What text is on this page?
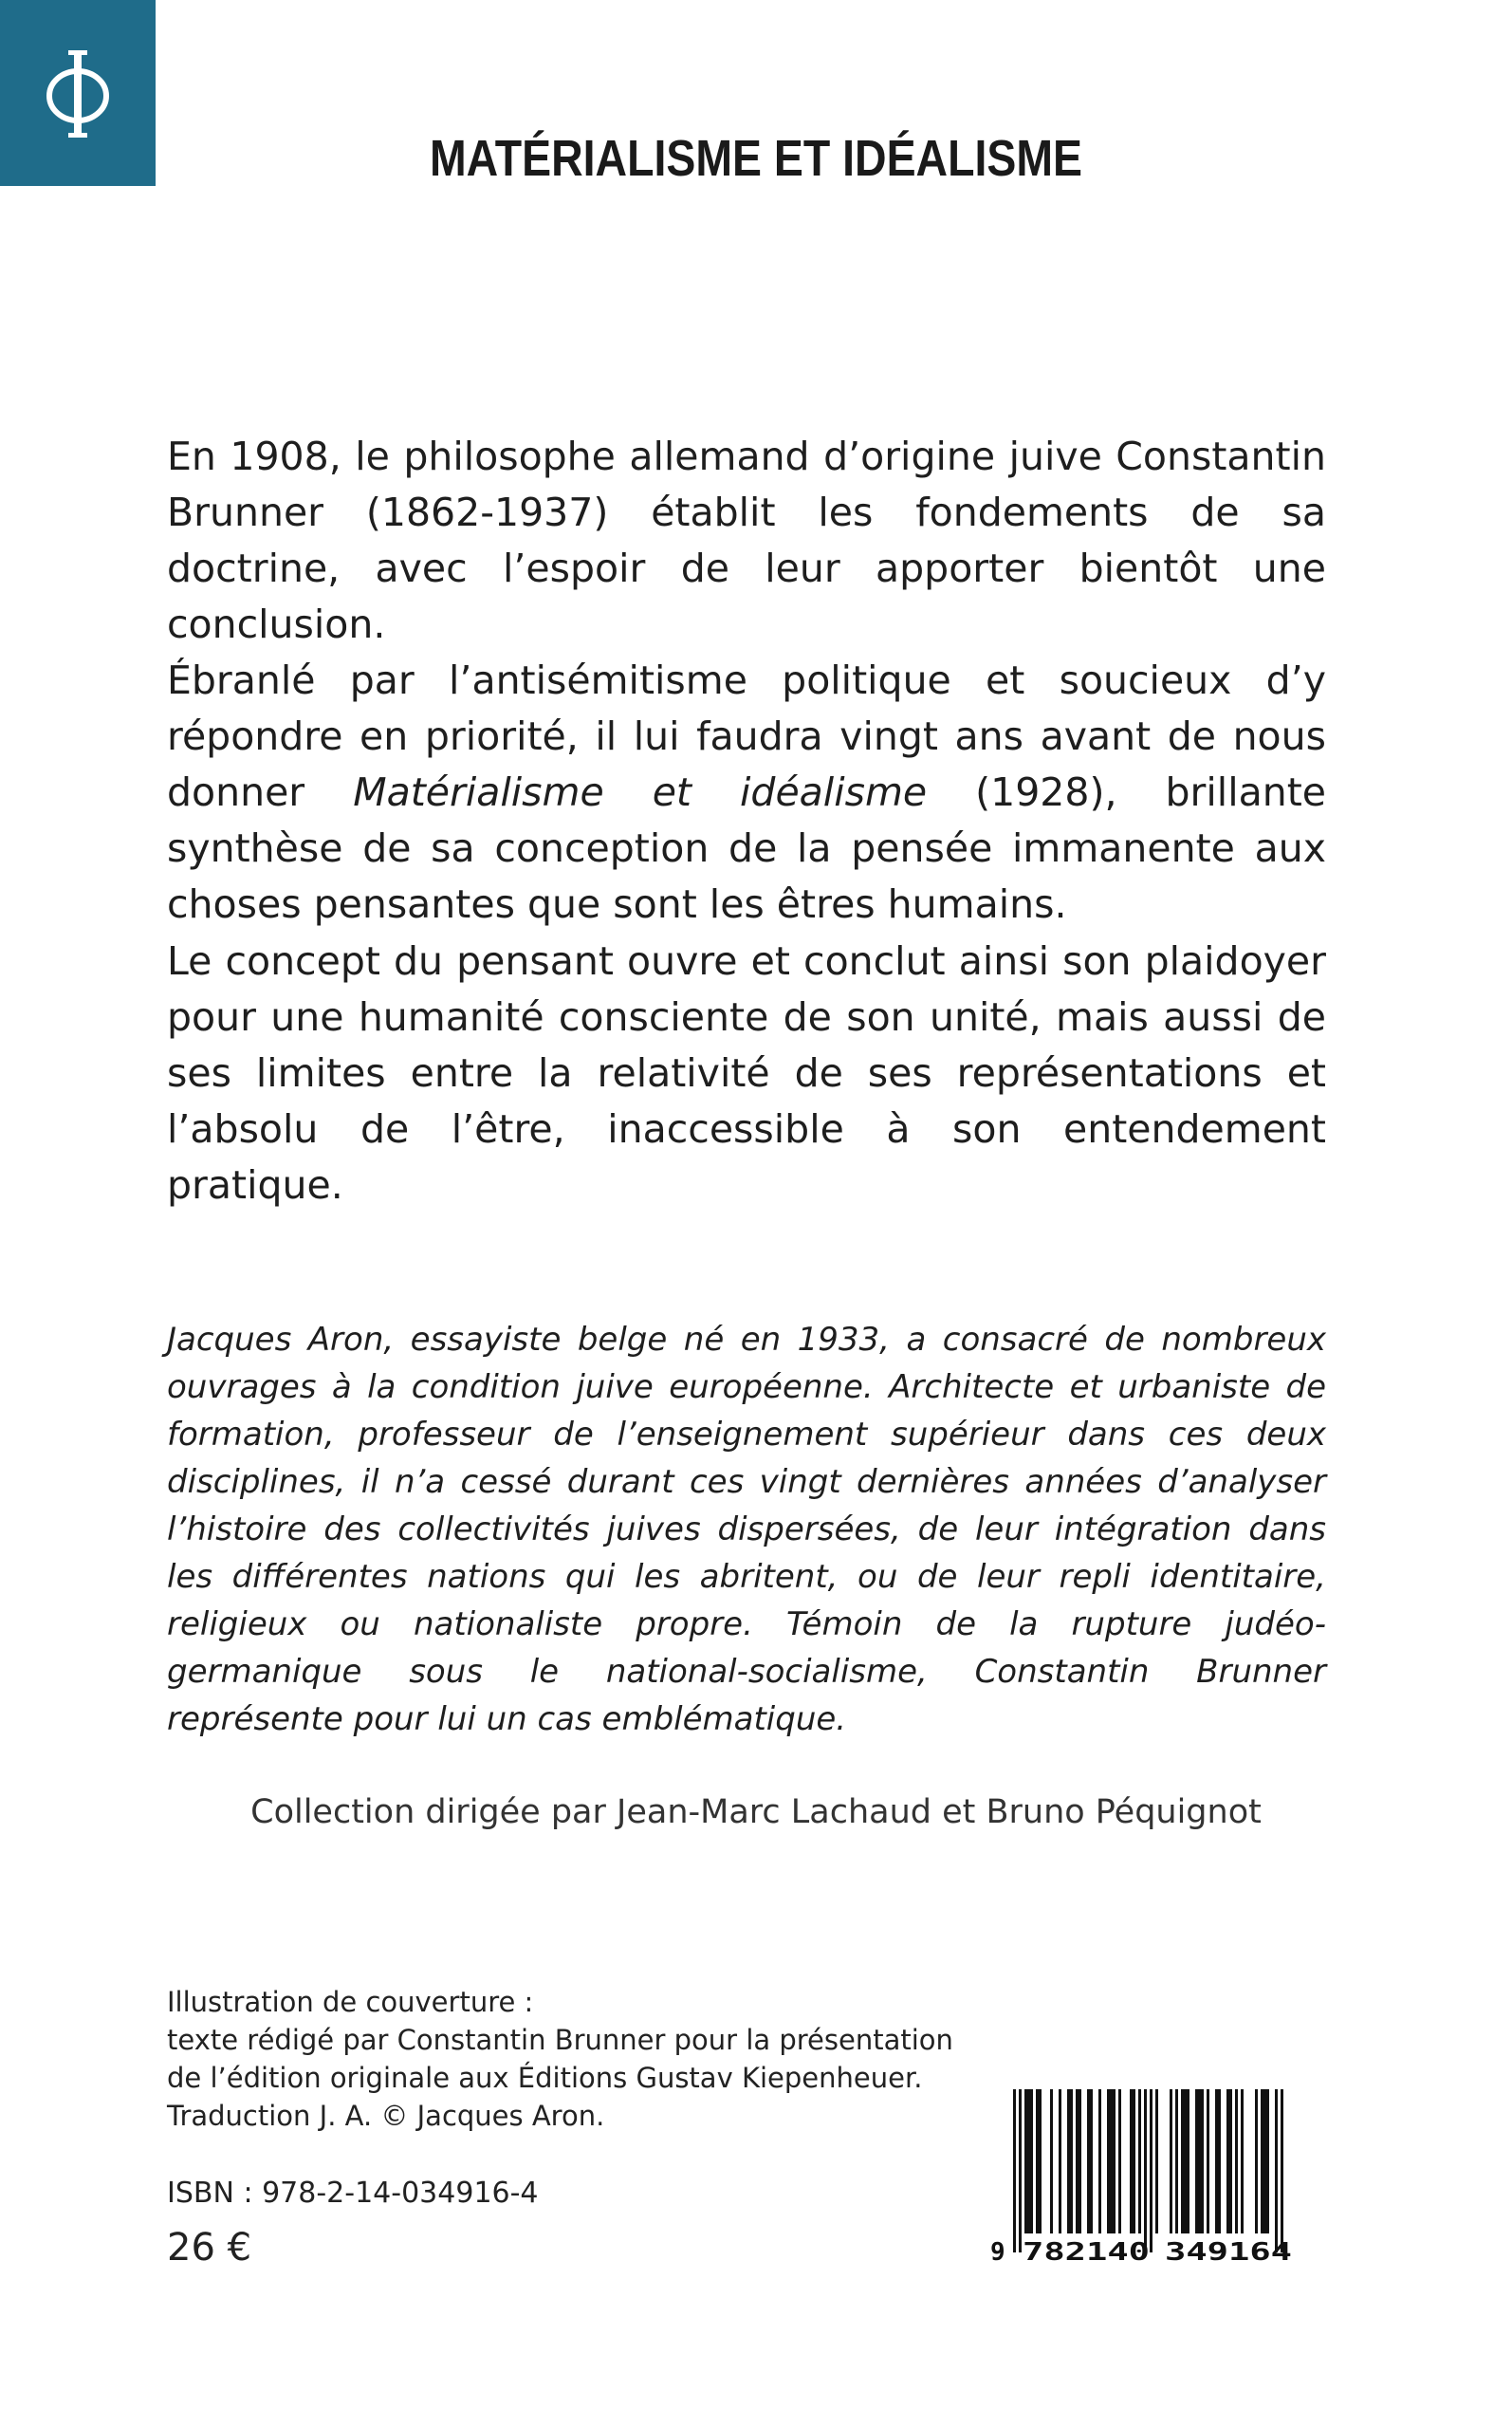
MATÉRIALISME ET IDÉALISME
En 1908, le philosophe allemand d’origine juive Constantin Brunner (1862-1937) établit les fondements de sa doctrine, avec l’espoir de leur apporter bientôt une conclusion.
Ébranlé par l’antisémitisme politique et soucieux d’y répondre en priorité, il lui faudra vingt ans avant de nous donner Matérialisme et idéalisme (1928), brillante synthèse de sa conception de la pensée immanente aux choses pensantes que sont les êtres humains.
Le concept du pensant ouvre et conclut ainsi son plaidoyer pour une humanité consciente de son unité, mais aussi de ses limites entre la relativité de ses représentations et l’absolu de l’être, inaccessible à son entendement pratique.
Jacques Aron, essayiste belge né en 1933, a consacré de nombreux ouvrages à la condition juive européenne. Architecte et urbaniste de formation, professeur de l’enseignement supérieur dans ces deux disciplines, il n’a cessé durant ces vingt dernières années d’analyser l’histoire des collectivités juives dispersées, de leur intégration dans les différentes nations qui les abritent, ou de leur repli identitaire, religieux ou nationaliste propre. Témoin de la rupture judéo-germanique sous le national-socialisme, Constantin Brunner représente pour lui un cas emblématique.
Collection dirigée par Jean-Marc Lachaud et Bruno Péquignot
Illustration de couverture :
texte rédigé par Constantin Brunner pour la présentation
de l’édition originale aux Éditions Gustav Kiepenheuer.
Traduction J. A. © Jacques Aron.
ISBN : 978-2-14-034916-4
26 €	9 782140 349164
